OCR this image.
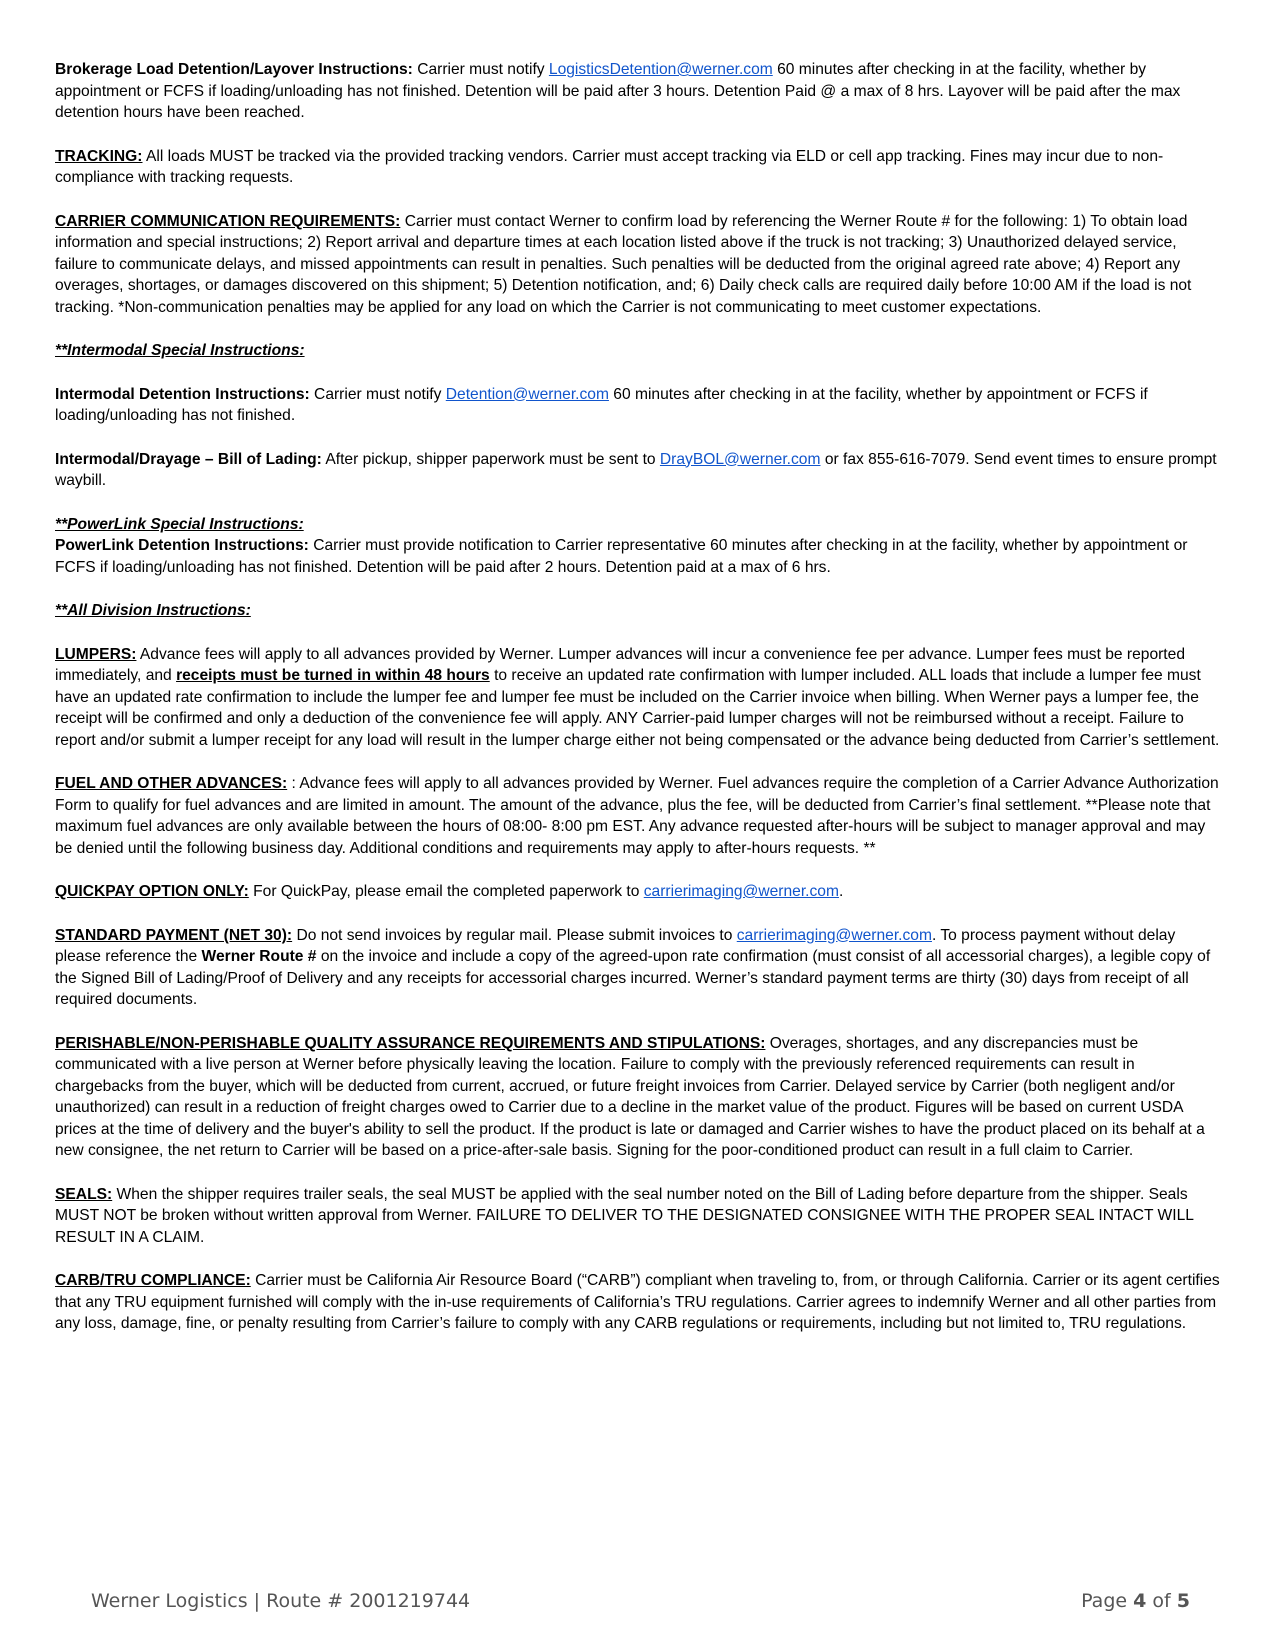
Brokerage Load Detention/Layover Instructions: Carrier must notify LogisticsDetention@werner.com 60 minutes after checking in at the facility, whether by appointment or FCFS if loading/unloading has not finished. Detention will be paid after 3 hours. Detention Paid @ a max of 8 hrs. Layover will be paid after the max detention hours have been reached.

TRACKING: All loads MUST be tracked via the provided tracking vendors. Carrier must accept tracking via ELD or cell app tracking. Fines may incur due to non-compliance with tracking requests.

CARRIER COMMUNICATION REQUIREMENTS: Carrier must contact Werner to confirm load by referencing the Werner Route # for the following: 1) To obtain load information and special instructions; 2) Report arrival and departure times at each location listed above if the truck is not tracking; 3) Unauthorized delayed service, failure to communicate delays, and missed appointments can result in penalties. Such penalties will be deducted from the original agreed rate above; 4) Report any overages, shortages, or damages discovered on this shipment; 5) Detention notification, and; 6) Daily check calls are required daily before 10:00 AM if the load is not tracking. *Non-communication penalties may be applied for any load on which the Carrier is not communicating to meet customer expectations.

**Intermodal Special Instructions:

Intermodal Detention Instructions: Carrier must notify Detention@werner.com 60 minutes after checking in at the facility, whether by appointment or FCFS if loading/unloading has not finished.

Intermodal/Drayage – Bill of Lading: After pickup, shipper paperwork must be sent to DrayBOL@werner.com or fax 855-616-7079. Send event times to ensure prompt waybill.

**PowerLink Special Instructions:

PowerLink Detention Instructions: Carrier must provide notification to Carrier representative 60 minutes after checking in at the facility, whether by appointment or FCFS if loading/unloading has not finished. Detention will be paid after 2 hours. Detention paid at a max of 6 hrs.

**All Division Instructions:

LUMPERS: Advance fees will apply to all advances provided by Werner. Lumper advances will incur a convenience fee per advance. Lumper fees must be reported immediately, and receipts must be turned in within 48 hours to receive an updated rate confirmation with lumper included. ALL loads that include a lumper fee must have an updated rate confirmation to include the lumper fee and lumper fee must be included on the Carrier invoice when billing. When Werner pays a lumper fee, the receipt will be confirmed and only a deduction of the convenience fee will apply. ANY Carrier-paid lumper charges will not be reimbursed without a receipt. Failure to report and/or submit a lumper receipt for any load will result in the lumper charge either not being compensated or the advance being deducted from Carrier’s settlement.

FUEL AND OTHER ADVANCES: : Advance fees will apply to all advances provided by Werner. Fuel advances require the completion of a Carrier Advance Authorization Form to qualify for fuel advances and are limited in amount. The amount of the advance, plus the fee, will be deducted from Carrier’s final settlement. **Please note that maximum fuel advances are only available between the hours of 08:00- 8:00 pm EST. Any advance requested after-hours will be subject to manager approval and may be denied until the following business day. Additional conditions and requirements may apply to after-hours requests. **

QUICKPAY OPTION ONLY: For QuickPay, please email the completed paperwork to carrierimaging@werner.com.

STANDARD PAYMENT (NET 30): Do not send invoices by regular mail. Please submit invoices to carrierimaging@werner.com. To process payment without delay please reference the Werner Route # on the invoice and include a copy of the agreed-upon rate confirmation (must consist of all accessorial charges), a legible copy of the Signed Bill of Lading/Proof of Delivery and any receipts for accessorial charges incurred. Werner’s standard payment terms are thirty (30) days from receipt of all required documents.

PERISHABLE/NON-PERISHABLE QUALITY ASSURANCE REQUIREMENTS AND STIPULATIONS: Overages, shortages, and any discrepancies must be communicated with a live person at Werner before physically leaving the location. Failure to comply with the previously referenced requirements can result in chargebacks from the buyer, which will be deducted from current, accrued, or future freight invoices from Carrier. Delayed service by Carrier (both negligent and/or unauthorized) can result in a reduction of freight charges owed to Carrier due to a decline in the market value of the product. Figures will be based on current USDA prices at the time of delivery and the buyer's ability to sell the product. If the product is late or damaged and Carrier wishes to have the product placed on its behalf at a new consignee, the net return to Carrier will be based on a price-after-sale basis. Signing for the poor-conditioned product can result in a full claim to Carrier.

SEALS: When the shipper requires trailer seals, the seal MUST be applied with the seal number noted on the Bill of Lading before departure from the shipper. Seals MUST NOT be broken without written approval from Werner. FAILURE TO DELIVER TO THE DESIGNATED CONSIGNEE WITH THE PROPER SEAL INTACT WILL RESULT IN A CLAIM.

CARB/TRU COMPLIANCE: Carrier must be California Air Resource Board (“CARB”) compliant when traveling to, from, or through California. Carrier or its agent certifies that any TRU equipment furnished will comply with the in-use requirements of California’s TRU regulations. Carrier agrees to indemnify Werner and all other parties from any loss, damage, fine, or penalty resulting from Carrier’s failure to comply with any CARB regulations or requirements, including but not limited to, TRU regulations.

Werner Logistics | Route # 2001219744	Page 4 of 5
